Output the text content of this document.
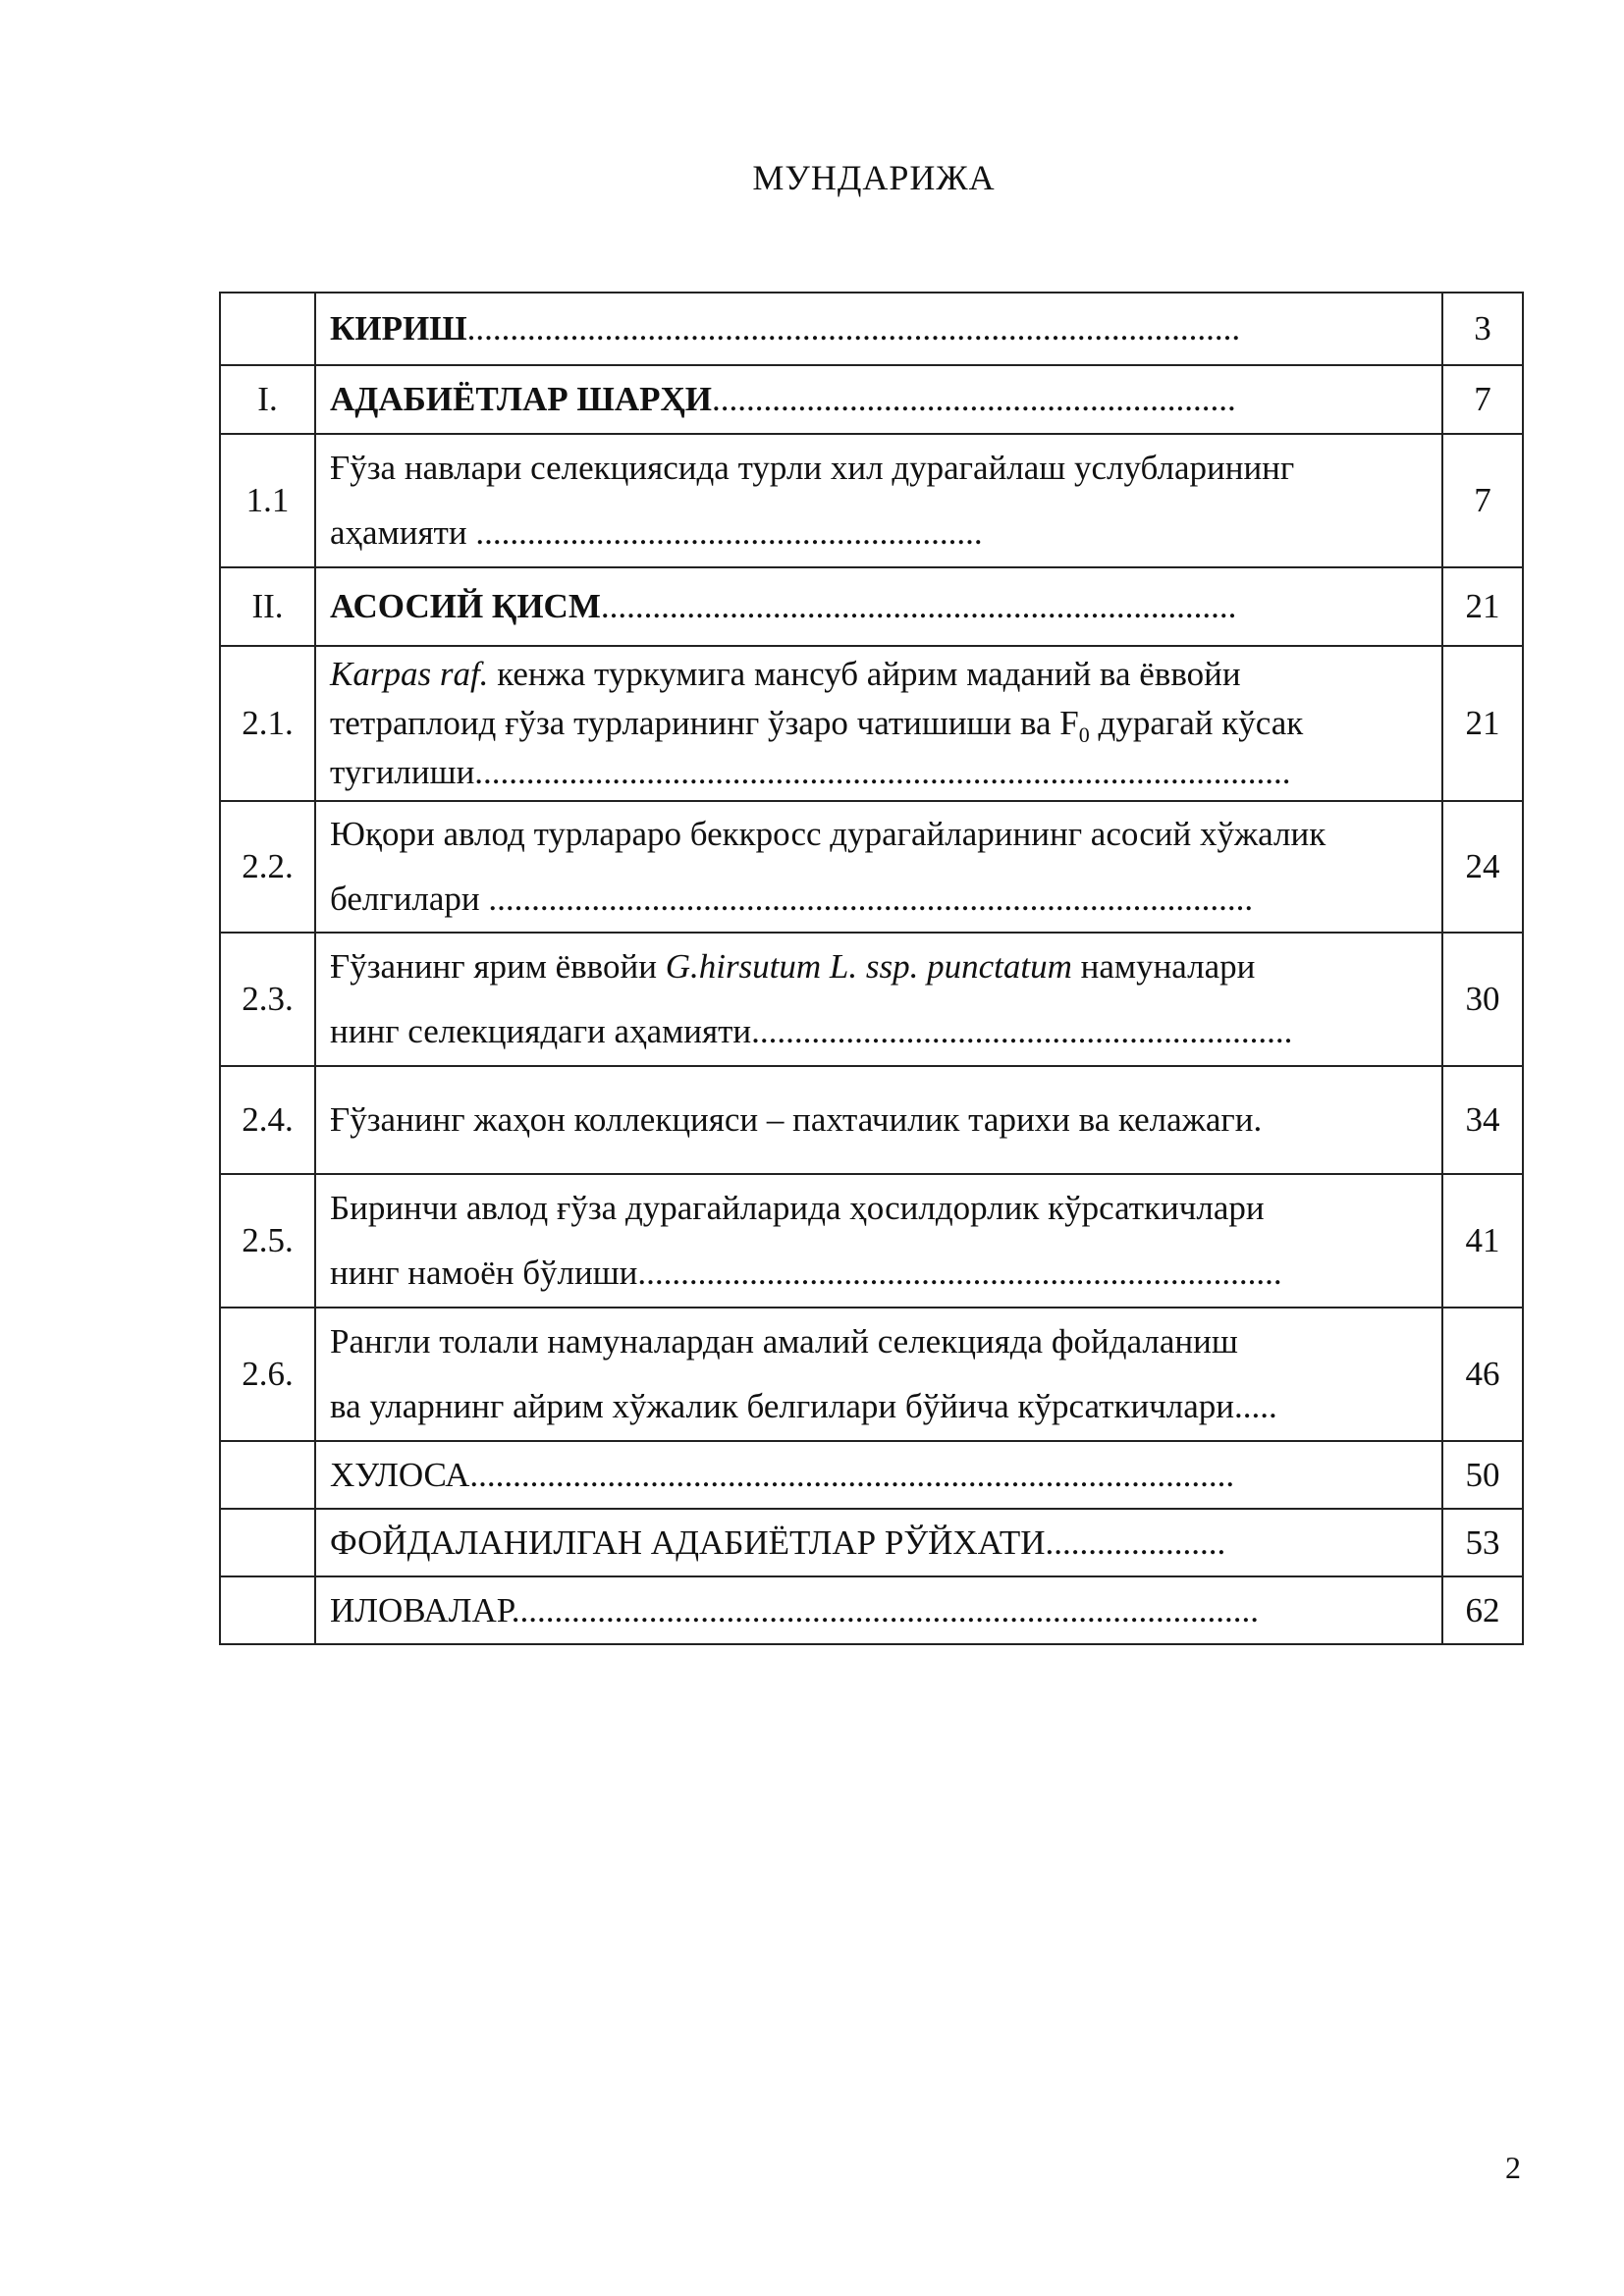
МУНДАРИЖА
	КИРИШ..........................................................................................	3
I.	АДАБИЁТЛАР ШАРҲИ.............................................................	7
1.1	Ғўза навлари селекциясида турли хил дурагайлаш услубларининг
аҳамияти ...........................................................	7
II.	АСОСИЙ ҚИСМ..........................................................................	21
2.1.	Karpas raf. кенжа туркумига мансуб айрим маданий ва ёввойи
тетраплоид ғўза турларининг ўзаро чатишиши ва $F_0$ дурагай кўсак
тугилиши...............................................................................................	21
2.2.	Юқори авлод турлараро беккросс дурагайларининг асосий хўжалик
белгилари .........................................................................................	24
2.3.	Ғўзанинг ярим ёввойи G.hirsutum L. ssp. punctatum намуналари
нинг селекциядаги аҳамияти...............................................................	30
2.4.	Ғўзанинг жаҳон коллекцияси – пахтачилик тарихи ва келажаги.	34
2.5.	Биринчи авлод ғўза дурагайларида ҳосилдорлик кўрсаткичлари
нинг намоён бўлиши...........................................................................	41
2.6.	Рангли толали намуналардан амалий селекцияда фойдаланиш
ва уларнинг айрим хўжалик белгилари бўйича кўрсаткичлари.....	46
	ХУЛОСА.........................................................................................	50
	ФОЙДАЛАНИЛГАН АДАБИЁТЛАР РЎЙХАТИ.....................	53
	ИЛОВАЛАР.......................................................................................	62
2
